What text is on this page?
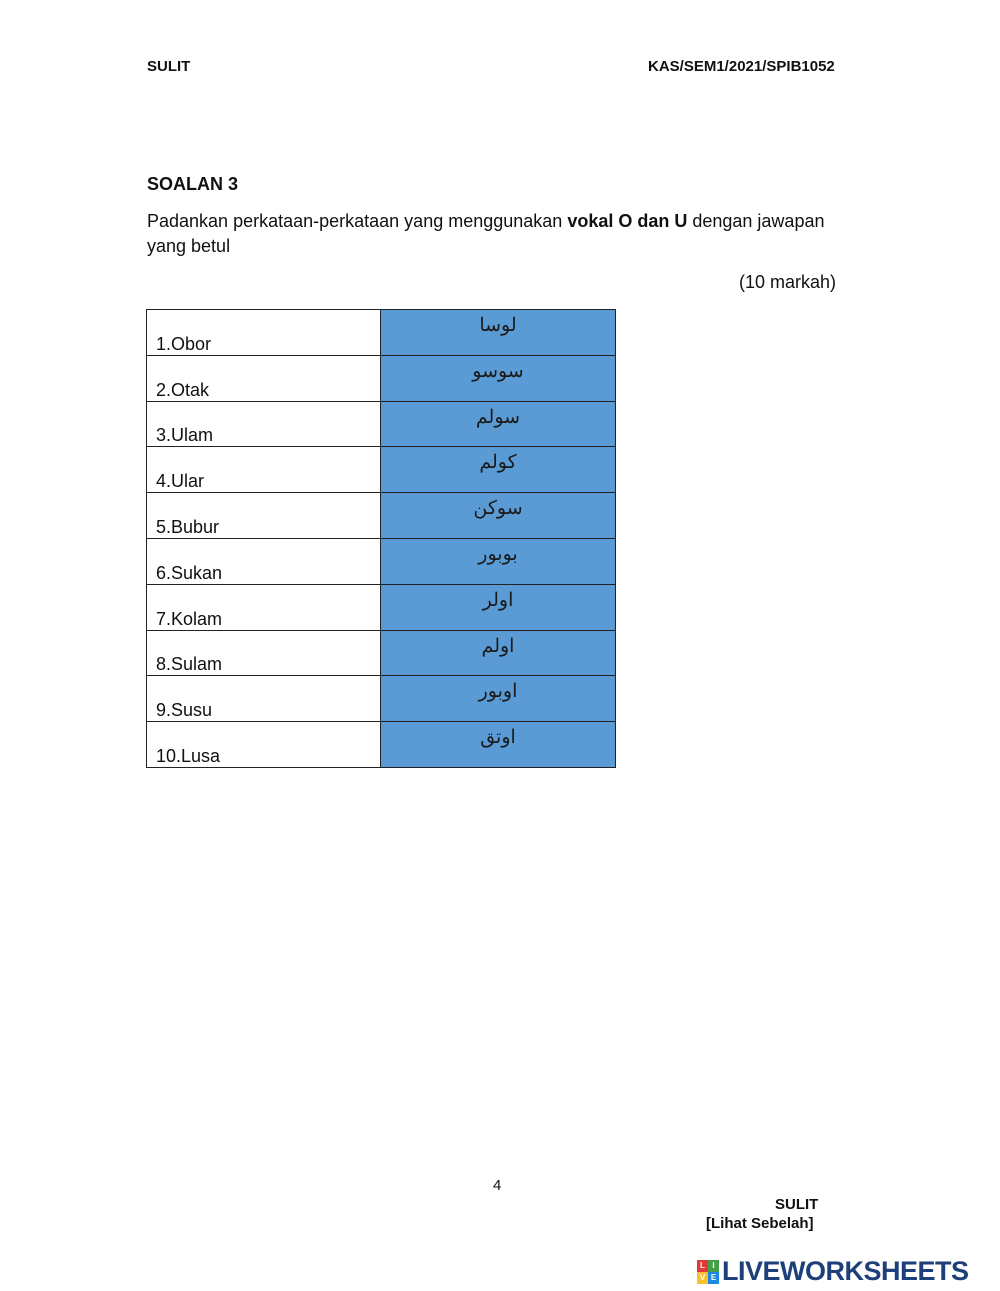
SULIT	KAS/SEM1/2021/SPIB1052
SOALAN 3
Padankan perkataan-perkataan yang menggunakan vokal O dan U dengan jawapan yang betul
(10 markah)
1.Obor	لوسا

2.Otak	سوسو

3.Ulam	سولم

4.Ular	كولم

5.Bubur	سوكن

6.Sukan	بوبور

7.Kolam	اولر

8.Sulam	اولم

9.Susu	اوبور

10.Lusa	اوتق
4
SULIT
[Lihat Sebelah]
L I
V E LIVEWORKSHEETS
